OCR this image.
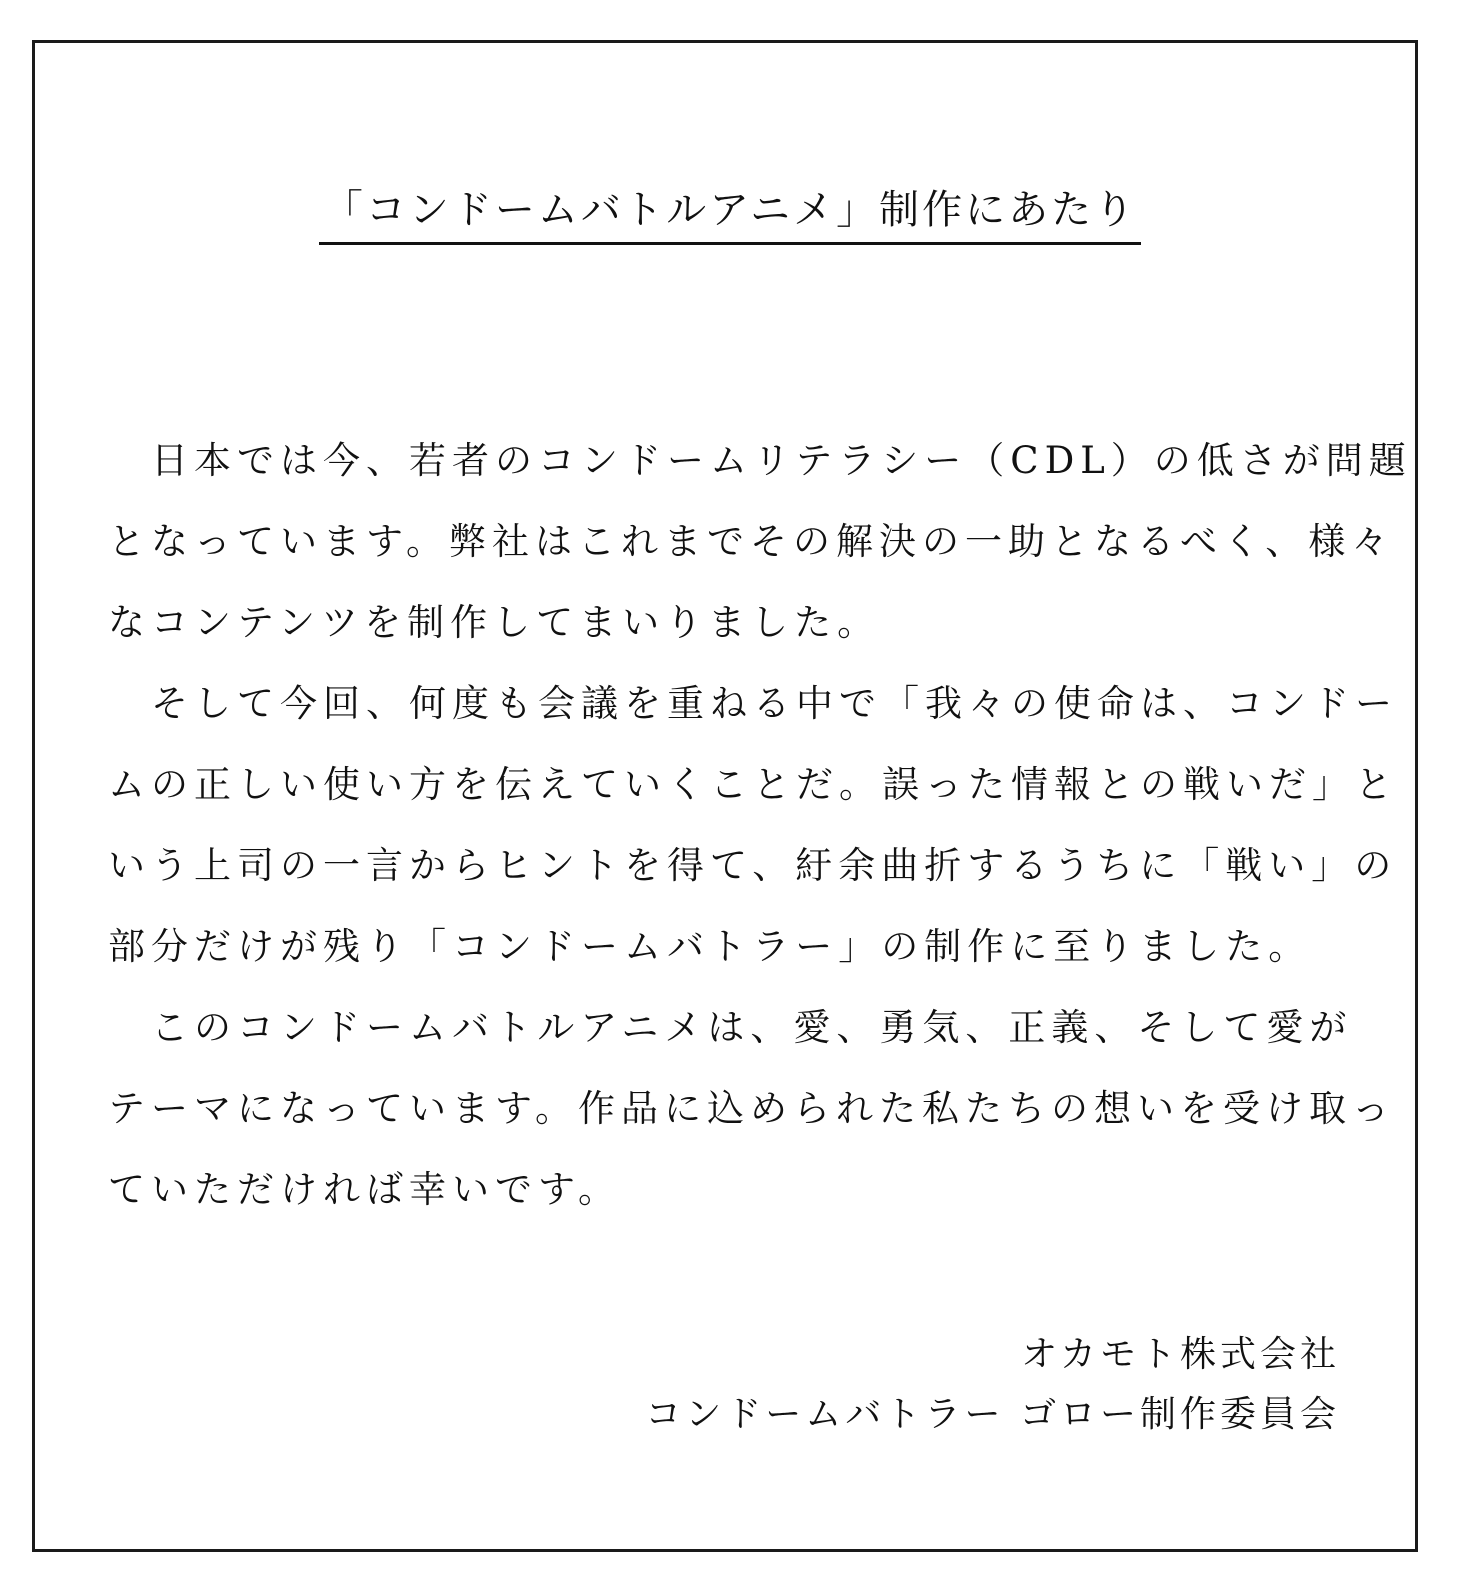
「コンドームバトルアニメ」制作にあたり
　日本では今、若者のコンドームリテラシー（CDL）の低さが問題
となっています。弊社はこれまでその解決の一助となるべく、様々
なコンテンツを制作してまいりました。
　そして今回、何度も会議を重ねる中で「我々の使命は、コンドー
ムの正しい使い方を伝えていくことだ。誤った情報との戦いだ」と
いう上司の一言からヒントを得て、紆余曲折するうちに「戦い」の
部分だけが残り「コンドームバトラー」の制作に至りました。
　このコンドームバトルアニメは、愛、勇気、正義、そして愛が
テーマになっています。作品に込められた私たちの想いを受け取っ
ていただければ幸いです。
オカモト株式会社
コンドームバトラー ゴロー制作委員会
